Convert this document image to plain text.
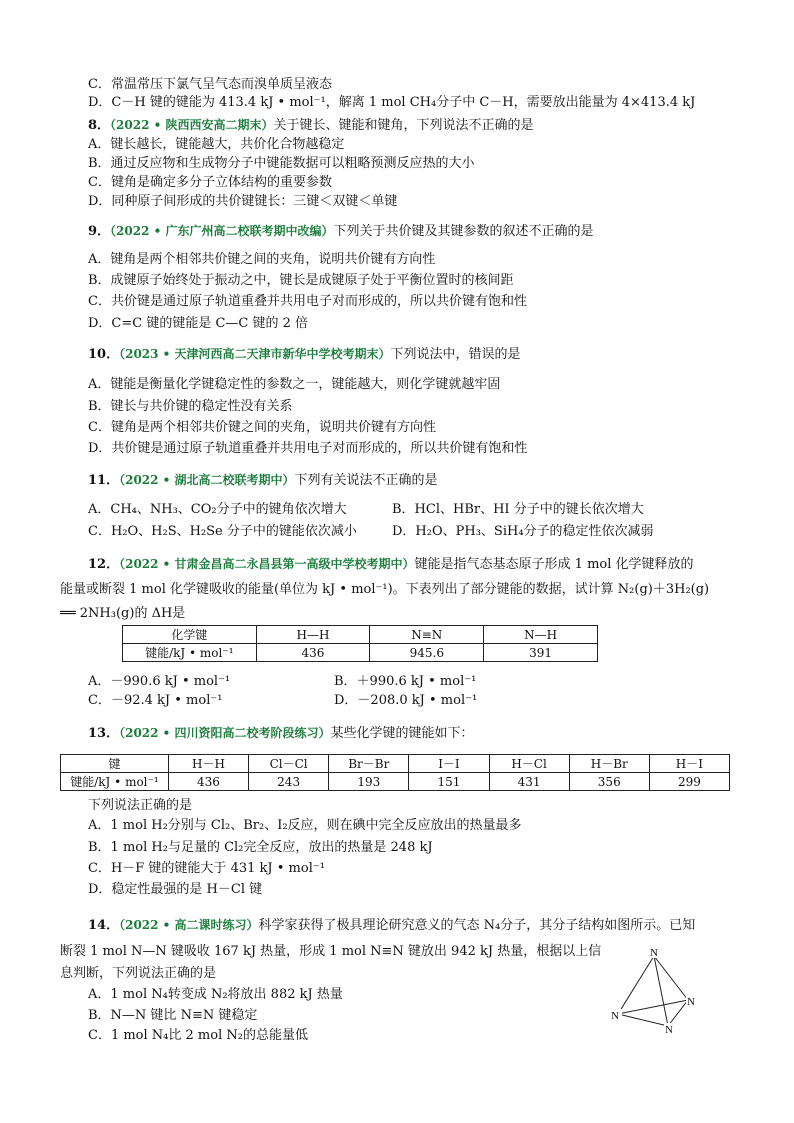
C．常温常压下氯气呈气态而溴单质呈液态
D．C－H 键的键能为 413.4 kJ • mol⁻¹，解离 1 mol CH₄分子中 C－H，需要放出能量为 4×413.4 kJ
8．（2022 • 陕西西安高二期末）关于键长、键能和键角，下列说法不正确的是
A．键长越长，键能越大，共价化合物越稳定
B．通过反应物和生成物分子中键能数据可以粗略预测反应热的大小
C．键角是确定多分子立体结构的重要参数
D．同种原子间形成的共价键键长：三键＜双键＜单键
9．（2022 • 广东广州高二校联考期中改编）下列关于共价键及其键参数的叙述不正确的是
A．键角是两个相邻共价键之间的夹角，说明共价键有方向性
B．成键原子始终处于振动之中，键长是成键原子处于平衡位置时的核间距
C．共价键是通过原子轨道重叠并共用电子对而形成的，所以共价键有饱和性
D．C=C 键的键能是 C—C 键的 2 倍
10．（2023 • 天津河西高二天津市新华中学校考期末）下列说法中，错误的是
A．键能是衡量化学键稳定性的参数之一，键能越大，则化学键就越牢固
B．键长与共价键的稳定性没有关系
C．键角是两个相邻共价键之间的夹角，说明共价键有方向性
D．共价键是通过原子轨道重叠并共用电子对而形成的，所以共价键有饱和性
11．（2022 • 湖北高二校联考期中）下列有关说法不正确的是
A．CH₄、NH₃、CO₂分子中的键角依次增大	B．HCl、HBr、HI 分子中的键长依次增大
C．H₂O、H₂S、H₂Se 分子中的键能依次减小	D．H₂O、PH₃、SiH₄分子的稳定性依次减弱
12．（2022 • 甘肃金昌高二永昌县第一高级中学校考期中）键能是指气态基态原子形成 1 mol 化学键释放的
能量或断裂 1 mol 化学键吸收的能量(单位为 kJ • mol⁻¹)。下表列出了部分键能的数据，试计算 N₂(g)＋3H₂(g)
══ 2NH₃(g)的 ΔH是
化学键	H—H	N≡N	N—H
键能/kJ • mol⁻¹	436	945.6	391
A．－990.6 kJ • mol⁻¹	B．＋990.6 kJ • mol⁻¹
C．－92.4 kJ • mol⁻¹	D．－208.0 kJ • mol⁻¹
13．（2022 • 四川资阳高二校考阶段练习）某些化学键的键能如下：
键	H－H	Cl－Cl	Br－Br	I－I	H－Cl	H－Br	H－I
键能/kJ • mol⁻¹	436	243	193	151	431	356	299
下列说法正确的是
A．1 mol H₂分别与 Cl₂、Br₂、I₂反应，则在碘中完全反应放出的热量最多
B．1 mol H₂与足量的 Cl₂完全反应，放出的热量是 248 kJ
C．H－F 键的键能大于 431 kJ • mol⁻¹
D．稳定性最强的是 H－Cl 键
14．（2022 • 高二课时练习）科学家获得了极具理论研究意义的气态 N₄分子，其分子结构如图所示。已知
断裂 1 mol N—N 键吸收 167 kJ 热量，形成 1 mol N≡N 键放出 942 kJ 热量，根据以上信
息判断，下列说法正确的是
A．1 mol N₄转变成 N₂将放出 882 kJ 热量
B．N—N 键比 N≡N 键稳定
C．1 mol N₄比 2 mol N₂的总能量低
N
N
N
N
